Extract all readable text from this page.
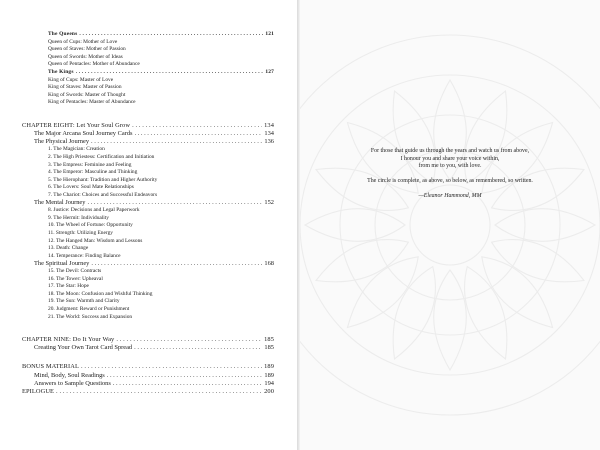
The Queens . . .	121
Queen of Cups: Mother of Love
Queen of Staves: Mother of Passion
Queen of Swords: Mother of Ideas
Queen of Pentacles: Mother of Abundance
The Kings . . .	127
King of Cups: Master of Love
King of Staves: Master of Passion
King of Swords: Master of Thought
King of Pentacles: Master of Abundance
CHAPTER EIGHT: Let Your Soul Grow . . .	134
The Major Arcana Soul Journey Cards . . .	134
The Physical Journey . . .	136
1. The Magician: Creation
2. The High Priestess: Certification and Initiation
3. The Empress: Feminine and Feeling
4. The Emperor: Masculine and Thinking
5. The Hierophant: Tradition and Higher Authority
6. The Lovers: Soul Mate Relationships
7. The Chariot: Choices and Successful Endeavors
The Mental Journey . . .	152
8. Justice: Decisions and Legal Paperwork
9. The Hermit: Individuality
10. The Wheel of Fortune: Opportunity
11. Strength: Utilizing Energy
12. The Hanged Man: Wisdom and Lessons
13. Death: Change
14. Temperance: Finding Balance
The Spiritual Journey . . .	168
15. The Devil: Contracts
16. The Tower: Upheaval
17. The Star: Hope
18. The Moon: Confusion and Wishful Thinking
19. The Sun: Warmth and Clarity
20. Judgment: Reward or Punishment
21. The World: Success and Expansion
CHAPTER NINE: Do It Your Way . . .	185
Creating Your Own Tarot Card Spread . . .	185
BONUS MATERIAL . . .	189
Mind, Body, Soul Readings . . .	189
Answers to Sample Questions . . .	194
EPILOGUE . . .	200

For those that guide us through the years and watch us from above,

I honour you and share your voice within,

from me to you, with love.

The circle is complete, as above, so below, as remembered, so written.

—Eleanor Hammond, MM
